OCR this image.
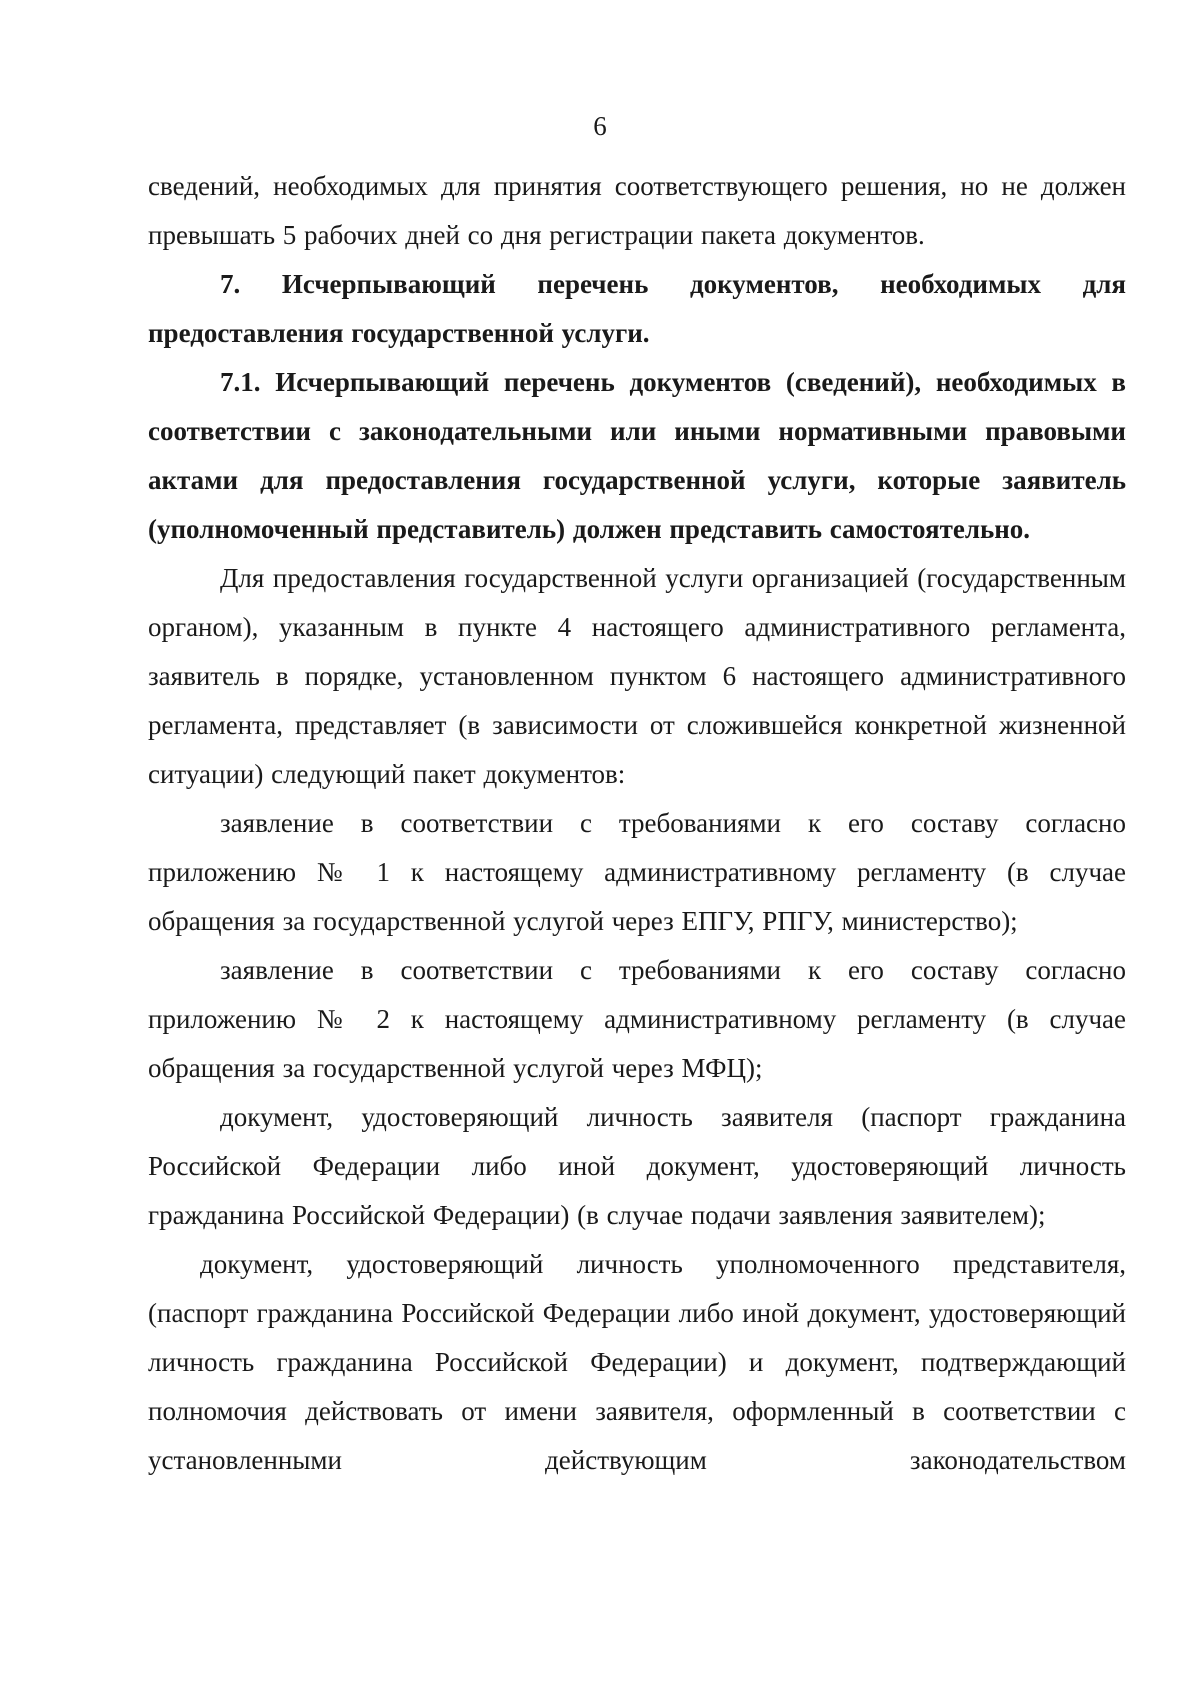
6

сведений, необходимых для принятия соответствующего решения, но не должен превышать 5 рабочих дней со дня регистрации пакета документов.

7. Исчерпывающий перечень документов, необходимых для предоставления государственной услуги.

7.1. Исчерпывающий перечень документов (сведений), необходимых в соответствии с законодательными или иными нормативными правовыми актами для предоставления государственной услуги, которые заявитель (уполномоченный представитель) должен представить самостоятельно.

Для предоставления государственной услуги организацией (государственным органом), указанным в пункте 4 настоящего административного регламента, заявитель в порядке, установленном пунктом 6 настоящего административного регламента, представляет (в зависимости от сложившейся конкретной жизненной ситуации) следующий пакет документов:

заявление в соответствии с требованиями к его составу согласно приложению № 1 к настоящему административному регламенту (в случае обращения за государственной услугой через ЕПГУ, РПГУ, министерство);

заявление в соответствии с требованиями к его составу согласно приложению № 2 к настоящему административному регламенту (в случае обращения за государственной услугой через МФЦ);

документ, удостоверяющий личность заявителя (паспорт гражданина Российской Федерации либо иной документ, удостоверяющий личность гражданина Российской Федерации) (в случае подачи заявления заявителем);

документ, удостоверяющий личность уполномоченного представителя, (паспорт гражданина Российской Федерации либо иной документ, удостоверяющий личность гражданина Российской Федерации) и документ, подтверждающий полномочия действовать от имени заявителя, оформленный в соответствии с установленными действующим законодательством
